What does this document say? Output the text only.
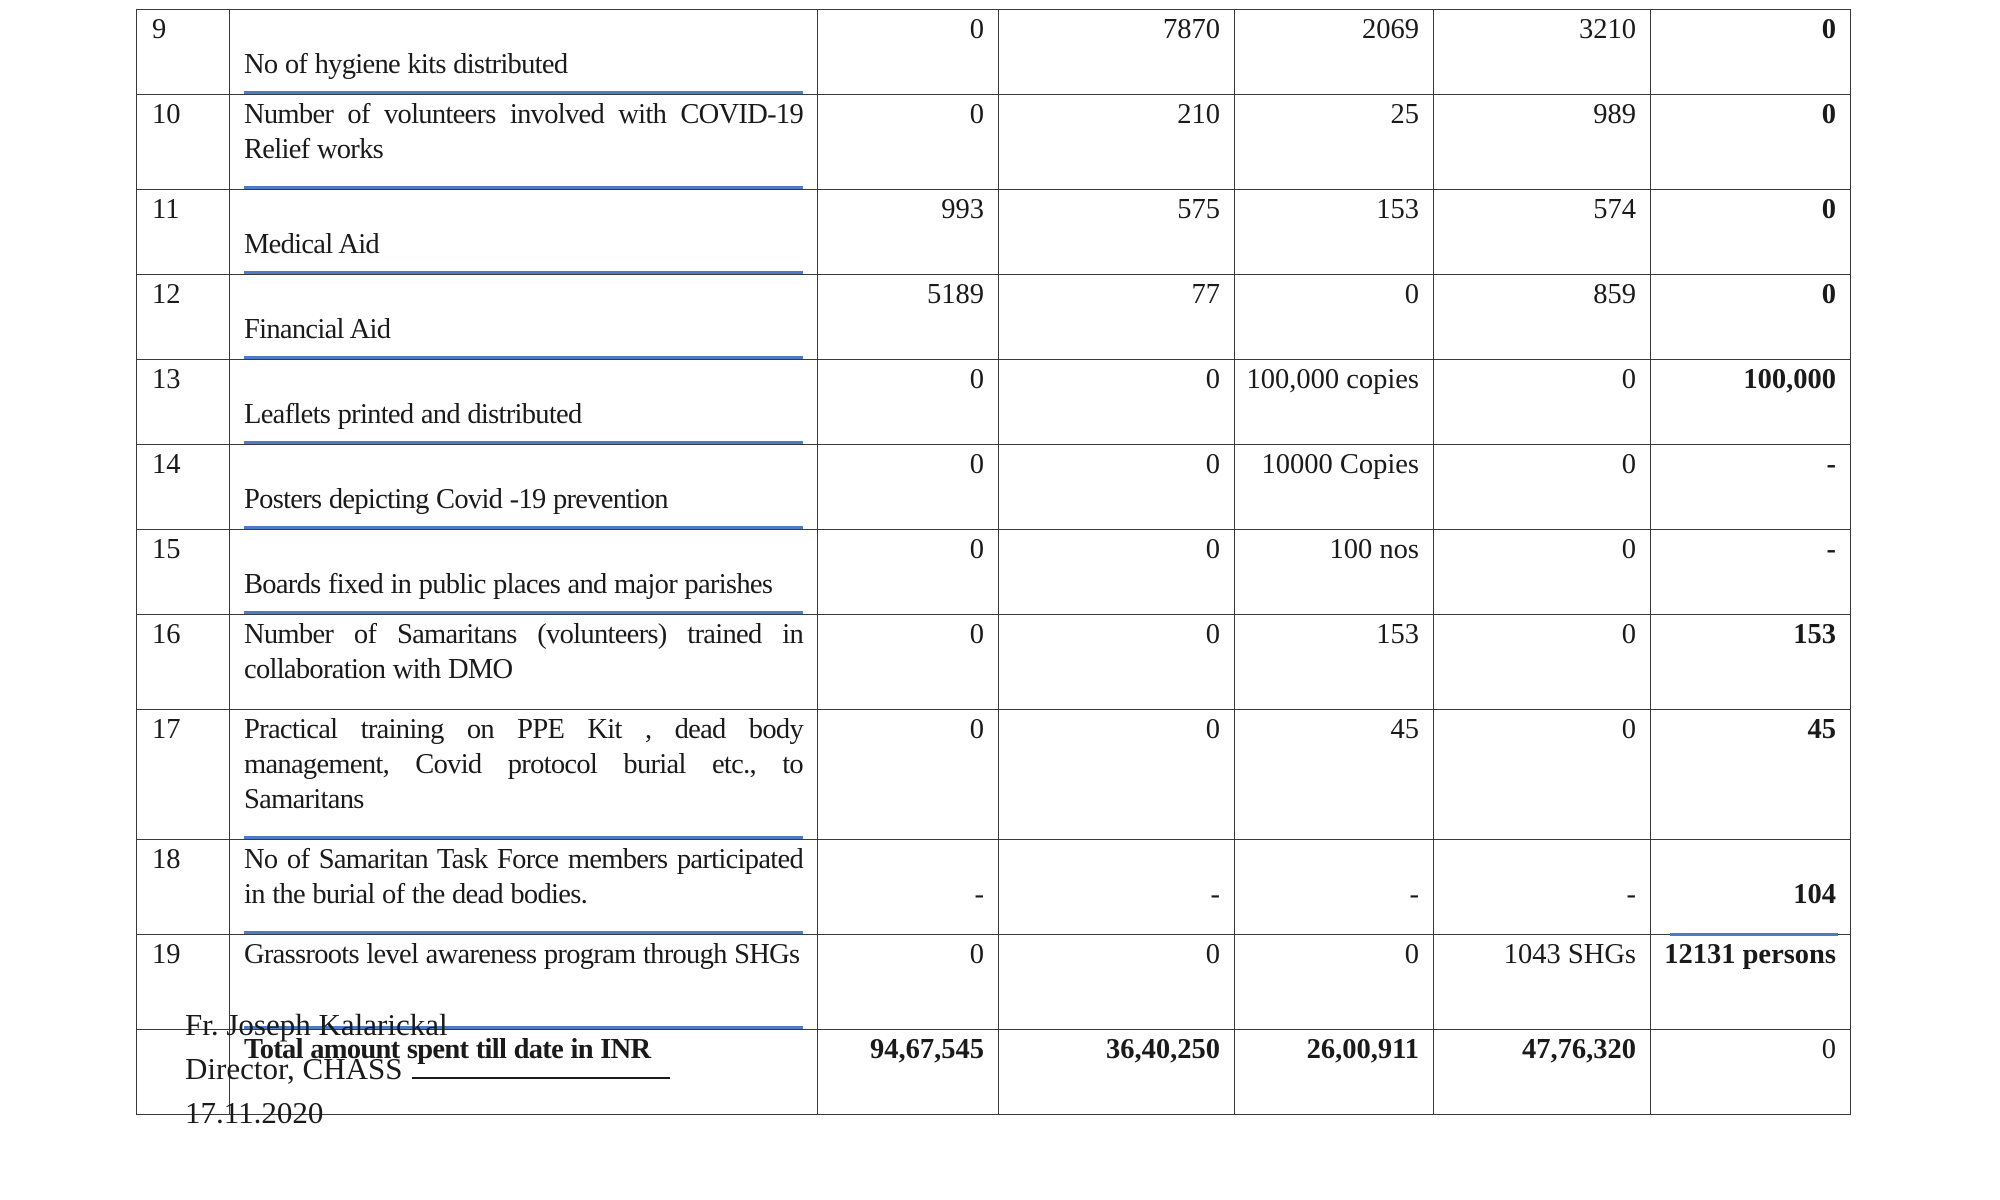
9	No of hygiene kits distributed	0	7870	2069	3210	0
10	Number of volunteers involved with COVID-19 Relief works	0	210	25	989	0
11	Medical Aid	993	575	153	574	0
12	Financial Aid	5189	77	0	859	0
13	Leaflets printed and distributed	0	0	100,000 copies	0	100,000
14	Posters depicting Covid -19 prevention	0	0	10000 Copies	0	-
15	Boards fixed in public places and major parishes	0	0	100 nos	0	-
16	Number of Samaritans (volunteers) trained in collaboration with DMO	0	0	153	0	153
17	Practical training on PPE Kit , dead body management, Covid protocol burial etc., to Samaritans	0	0	45	0	45
18	No of Samaritan Task Force members participated in the burial of the dead bodies.	-	-	-	-	104

19	Grassroots level awareness program through SHGs	0	0	0	1043 SHGs	12131 persons

	Total amount spent till date in INR	94,67,545	36,40,250	26,00,911	47,76,320	0
Fr. Joseph Kalarickal
Director, CHASS
17.11.2020
